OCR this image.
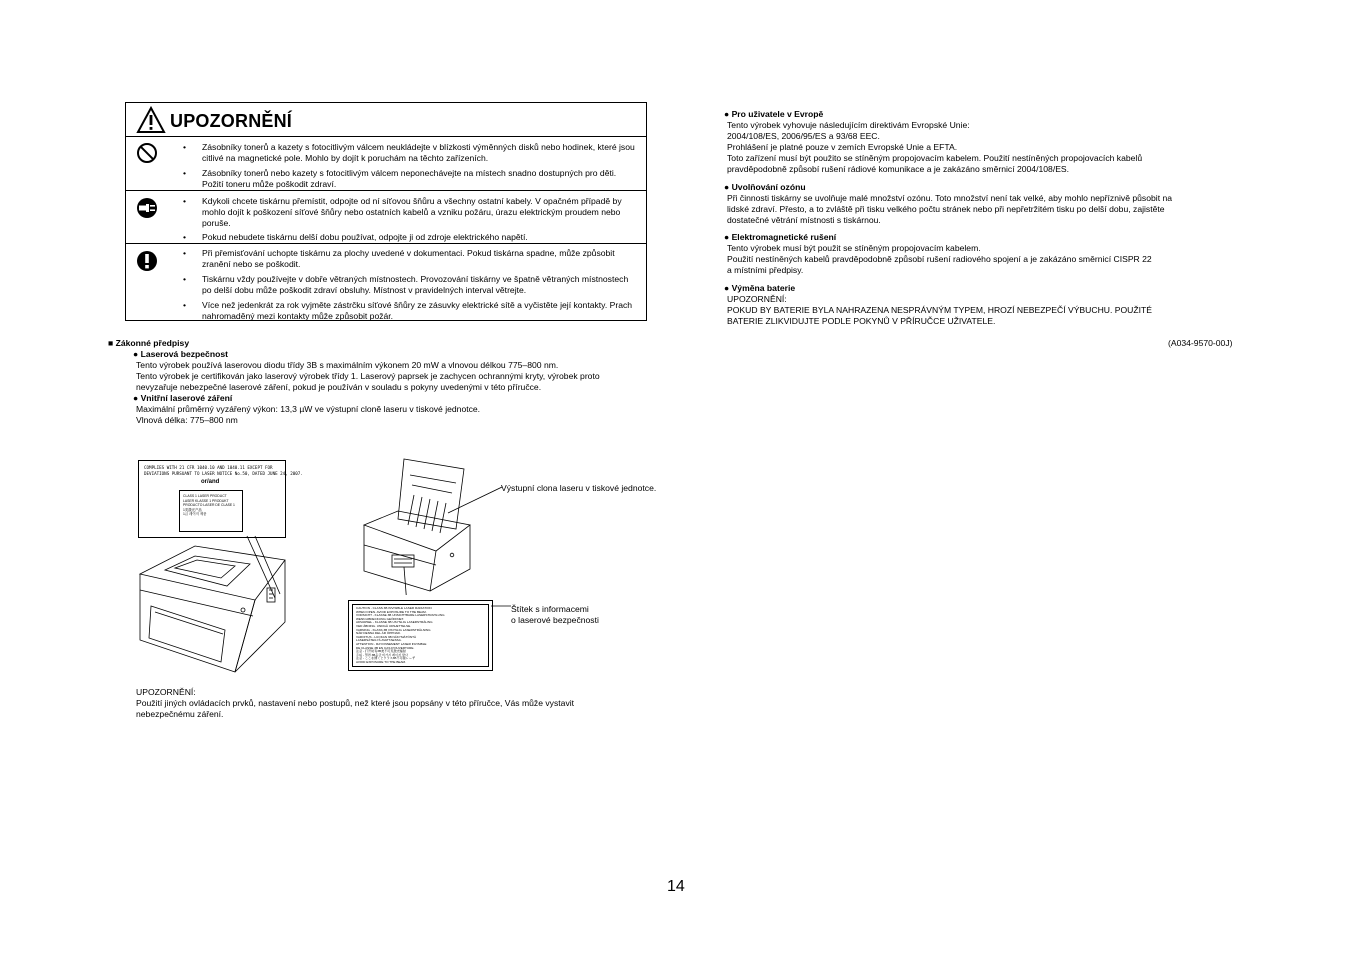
UPOZORNĚNÍ
• Zásobníky tonerů a kazety s fotocitlivým válcem neukládejte v blízkosti výměnných disků nebo hodinek, které jsou citlivé na magnetické pole. Mohlo by dojít k poruchám na těchto zařízeních.
• Zásobníky tonerů nebo kazety s fotocitlivým válcem neponechávejte na místech snadno dostupných pro děti. Požití toneru může poškodit zdraví.
• Kdykoli chcete tiskárnu přemístit, odpojte od ní síťovou šňůru a všechny ostatní kabely. V opačném případě by mohlo dojít k poškození síťové šňůry nebo ostatních kabelů a vzniku požáru, úrazu elektrickým proudem nebo poruše.
• Pokud nebudete tiskárnu delší dobu používat, odpojte ji od zdroje elektrického napětí.
• Při přemisťování uchopte tiskárnu za plochy uvedené v dokumentaci. Pokud tiskárna spadne, může způsobit zranění nebo se poškodit.
• Tiskárnu vždy používejte v dobře větraných místnostech. Provozování tiskárny ve špatně větraných místnostech po delší dobu může poškodit zdraví obsluhy. Místnost v pravidelných interval větrejte.
• Více než jedenkrát za rok vyjměte zástrčku síťové šňůry ze zásuvky elektrické sítě a vyčistěte její kontakty. Prach nahromaděný mezi kontakty může způsobit požár.
■ Zákonné předpisy
● Laserová bezpečnost
Tento výrobek používá laserovou diodu třídy 3B s maximálním výkonem 20 mW a vlnovou délkou 775–800 nm.
Tento výrobek je certifikován jako laserový výrobek třídy 1. Laserový paprsek je zachycen ochrannými kryty, výrobek proto
nevyzařuje nebezpečné laserové záření, pokud je používán v souladu s pokyny uvedenými v této příručce.
● Vnitřní laserové záření
Maximální průměrný vyzářený výkon: 13,3 µW ve výstupní cloně laseru v tiskové jednotce.
Vlnová délka: 775–800 nm
COMPLIES WITH 21 CFR 1040.10 AND 1040.11 EXCEPT FOR
DEVIATIONS PURSUANT TO LASER NOTICE No.50, DATED JUNE 24, 2007.
or/and
CLASS 1 LASER PRODUCT
LASER KLASSE 1 PRODUKT
PRODUCTO LASER DE CLASE 1
1类激光产品
1급 레이저 제품
Výstupní clona laseru v tiskové jednotce.
CAUTION - CLASS 3B INVISIBLE LASER RADIATION
WHEN OPEN. AVOID EXPOSURE TO THE BEAM.
VORSICHT - KLASSE 3B UNSICHTBARE LASERSTRAHLUNG
WENN ABDECKUNG GEÖFFNET.
ADVARSEL - KLASSE 3B USYNLIG LASERSTRÅLING
VED ÅBNING. UNDGÅ UDSÆTTELSE.
VARNING - KLASS 3B OSYNLIG LASERSTRÅLNING
NÄR DENNA DEL ÄR ÖPPNAD.
VAROITUS - LUOKAN 3B NÄKYMÄTÖNTÄ
LASERSÄTEILYÄ AVATTAESSA.
ATTENTION - RAYONNEMENT LASER INVISIBLE
DE CLASSE 3B EN CAS D'OUVERTURE.
注意 - 打开时有3B类不可见激光辐射
주의 - 열면 3B등급 비가시 레이저 방사
注意 - ここを開くとクラス3B不可視レーザ
AVOID EXPOSURE TO THE BEAM.
Štítek s informacemi
o laserové bezpečnosti
UPOZORNĚNÍ:
Použití jiných ovládacích prvků, nastavení nebo postupů, než které jsou popsány v této příručce, Vás může vystavit
nebezpečnému záření.
● Pro uživatele v Evropě
Tento výrobek vyhovuje následujícím direktivám Evropské Unie:
2004/108/ES, 2006/95/ES a 93/68 EEC.
Prohlášení je platné pouze v zemích Evropské Unie a EFTA.
Toto zařízení musí být použito se stíněným propojovacím kabelem. Použití nestíněných propojovacích kabelů
pravděpodobně způsobí rušení rádiové komunikace a je zakázáno směrnicí 2004/108/ES.
● Uvolňování ozónu
Při činnosti tiskárny se uvolňuje malé množství ozónu. Toto množství není tak velké, aby mohlo nepříznivě působit na
lidské zdraví. Přesto, a to zvláště při tisku velkého počtu stránek nebo při nepřetržitém tisku po delší dobu, zajistěte
dostatečné větrání místnosti s tiskárnou.
● Elektromagnetické rušení
Tento výrobek musí být použit se stíněným propojovacím kabelem.
Použití nestíněných kabelů pravděpodobně způsobí rušení radiového spojení a je zakázáno směrnicí CISPR 22
a místními předpisy.
● Výměna baterie
UPOZORNĚNÍ:
POKUD BY BATERIE BYLA NAHRAZENA NESPRÁVNÝM TYPEM, HROZÍ NEBEZPEČÍ VÝBUCHU. POUŽITÉ
BATERIE ZLIKVIDUJTE PODLE POKYNŮ V PŘÍRUČCE UŽIVATELE.
(A034-9570-00J)
14
